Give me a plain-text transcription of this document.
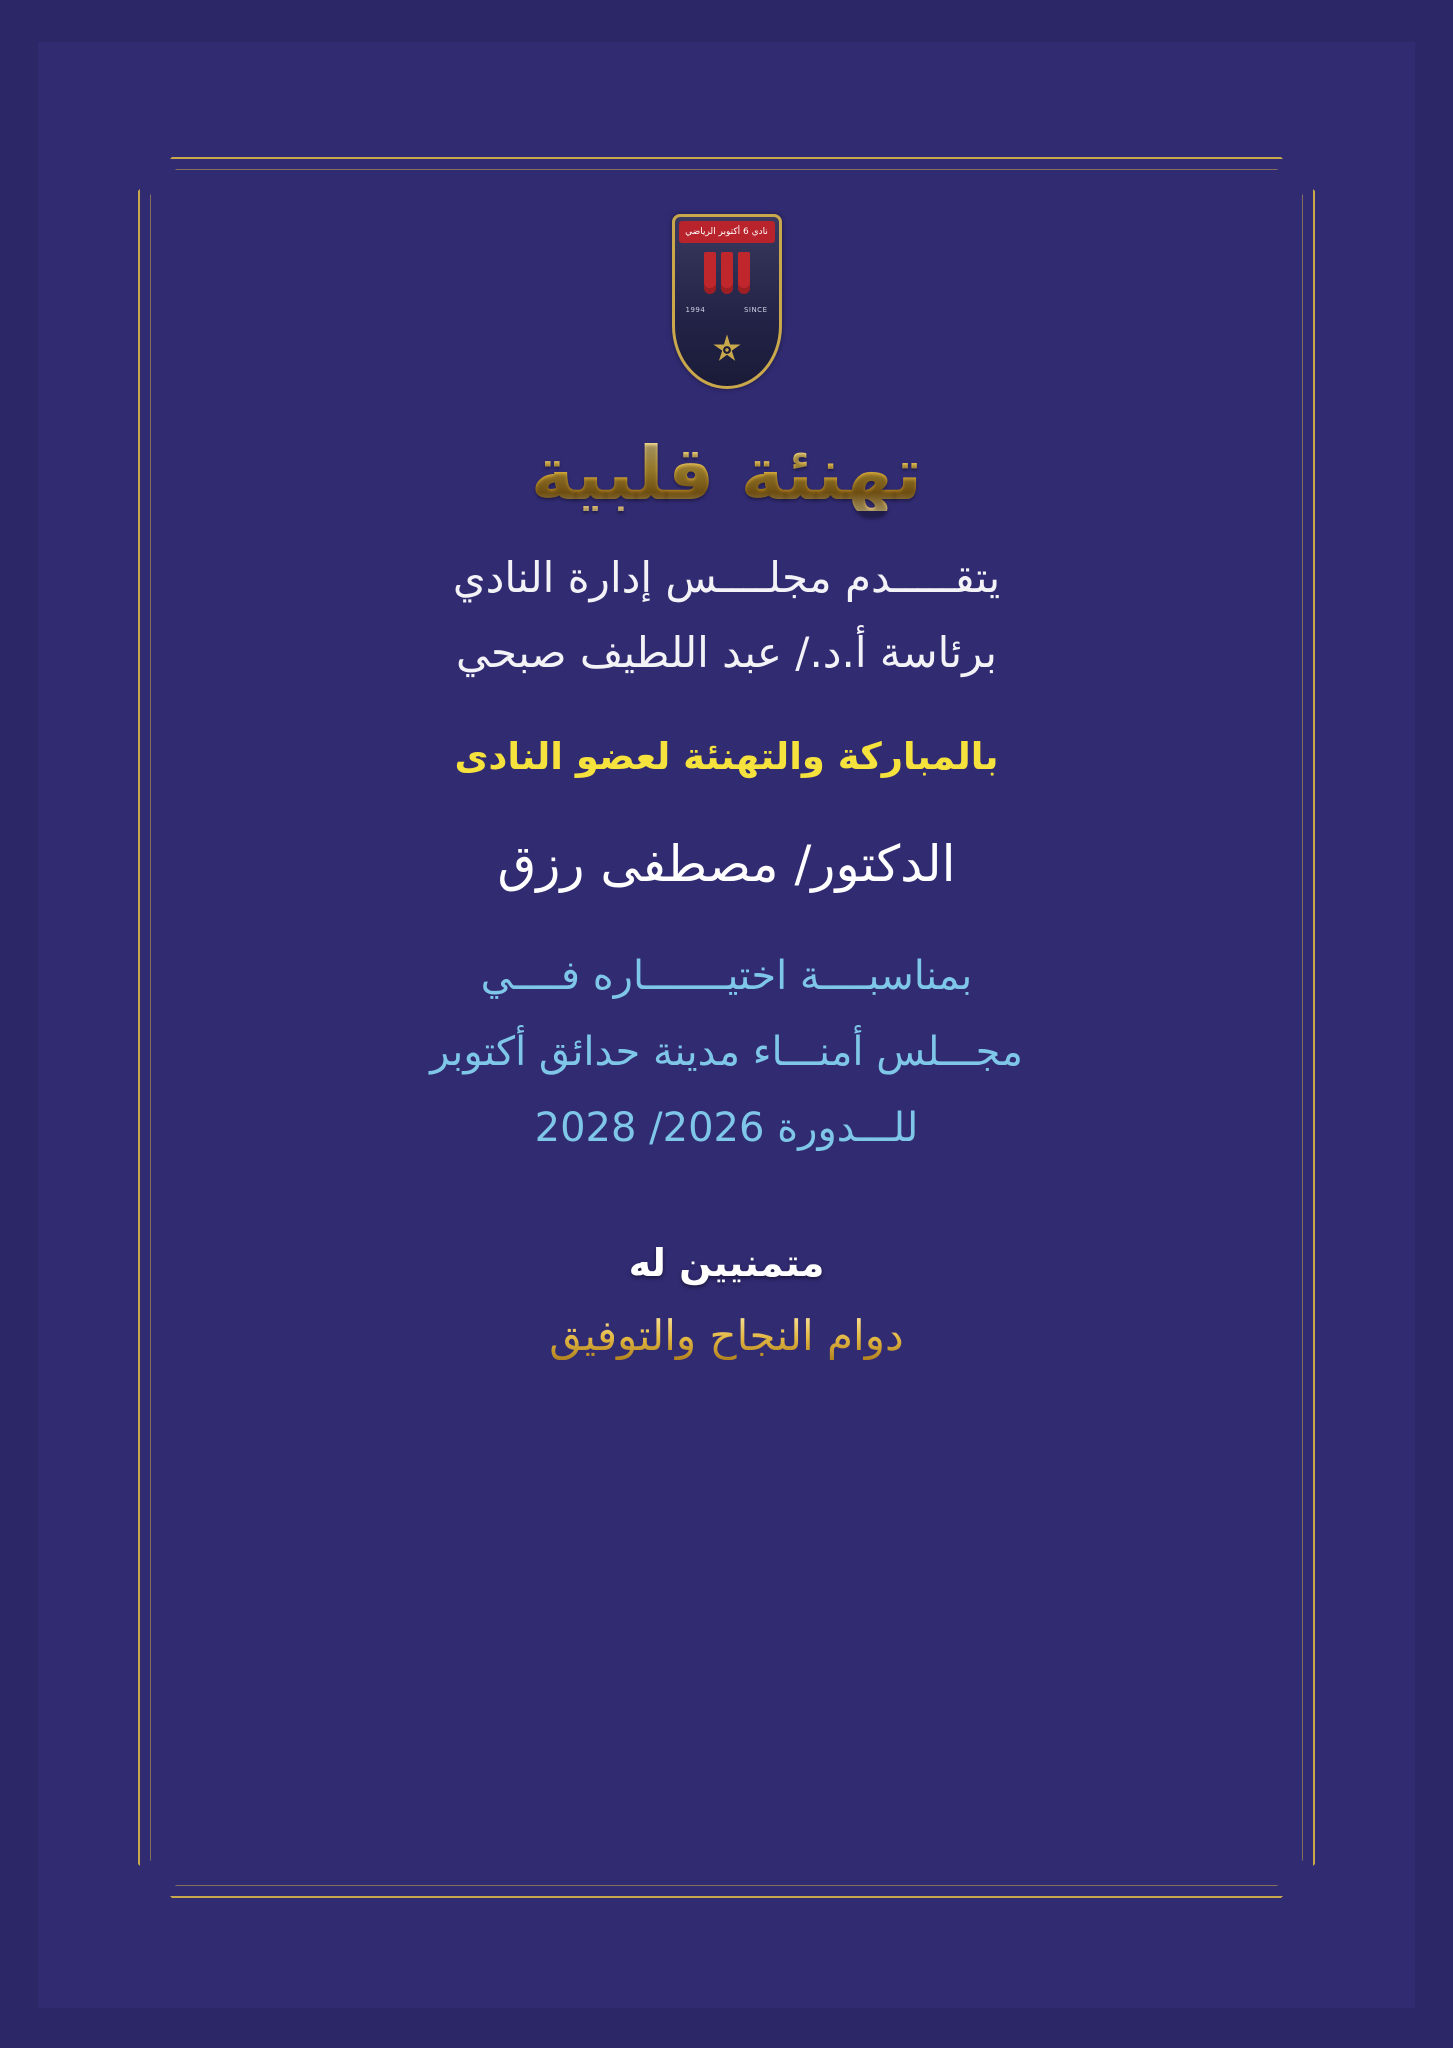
نادي 6 أكتوبر الرياضي
SINCE
1994
تهنئة قلبية
يتقـــــدم مجلــــس إدارة النادي
برئاسة أ.د./ عبد اللطيف صبحي
بالمباركة والتهنئة لعضو النادى
الدكتور/ مصطفى رزق
بمناسبــــة اختيـــــــاره فــــي
مجـــلس أمنـــاء مدينة حدائق أكتوبر
للـــدورة 2026/ 2028
متمنيين له
دوام النجاح والتوفيق
